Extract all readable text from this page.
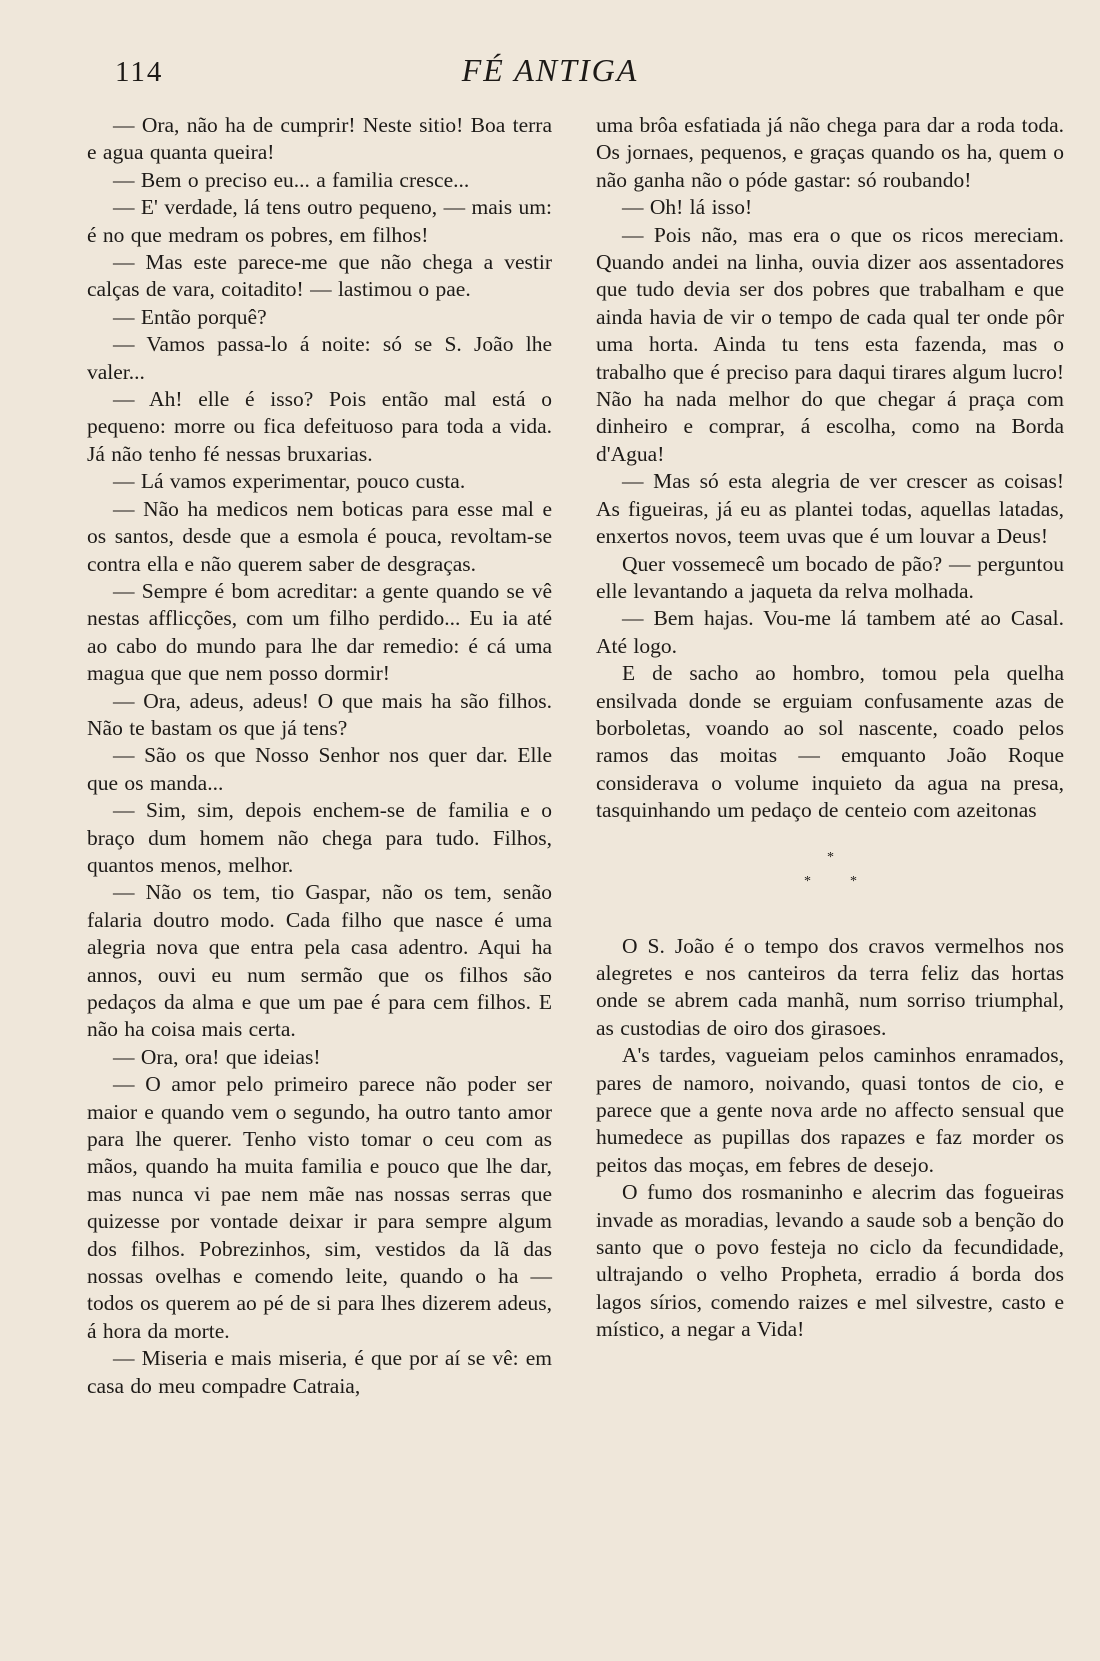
114	FÉ ANTIGA

— Ora, não ha de cumprir! Neste sitio! Boa terra e agua quanta queira!

— Bem o preciso eu... a familia cresce...

— E' verdade, lá tens outro pequeno, — mais um: é no que medram os pobres, em filhos!

— Mas este parece-me que não chega a vestir calças de vara, coitadito! — lastimou o pae.

— Então porquê?

— Vamos passa-lo á noite: só se S. João lhe valer...

— Ah! elle é isso? Pois então mal está o pequeno: morre ou fica defeituoso para toda a vida. Já não tenho fé nessas bruxarias.

— Lá vamos experimentar, pouco custa.

— Não ha medicos nem boticas para esse mal e os santos, desde que a esmola é pouca, revoltam-se contra ella e não querem saber de desgraças.

— Sempre é bom acreditar: a gente quando se vê nestas afflicções, com um filho perdido... Eu ia até ao cabo do mundo para lhe dar remedio: é cá uma magua que que nem posso dormir!

— Ora, adeus, adeus! O que mais ha são filhos. Não te bastam os que já tens?

— São os que Nosso Senhor nos quer dar. Elle que os manda...

— Sim, sim, depois enchem-se de familia e o braço dum homem não chega para tudo. Filhos, quantos menos, melhor.

— Não os tem, tio Gaspar, não os tem, senão falaria doutro modo. Cada filho que nasce é uma alegria nova que entra pela casa adentro. Aqui ha annos, ouvi eu num sermão que os filhos são pedaços da alma e que um pae é para cem filhos. E não ha coisa mais certa.

— Ora, ora! que ideias!

— O amor pelo primeiro parece não poder ser maior e quando vem o segundo, ha outro tanto amor para lhe querer. Tenho visto tomar o ceu com as mãos, quando ha muita familia e pouco que lhe dar, mas nunca vi pae nem mãe nas nossas serras que quizesse por vontade deixar ir para sempre algum dos filhos. Pobrezinhos, sim, vestidos da lã das nossas ovelhas e comendo leite, quando o ha — todos os querem ao pé de si para lhes dizerem adeus, á hora da morte.

— Miseria e mais miseria, é que por aí se vê: em casa do meu compadre Catraia,

uma brôa esfatiada já não chega para dar a roda toda. Os jornaes, pequenos, e graças quando os ha, quem o não ganha não o póde gastar: só roubando!

— Oh! lá isso!

— Pois não, mas era o que os ricos mereciam. Quando andei na linha, ouvia dizer aos assentadores que tudo devia ser dos pobres que trabalham e que ainda havia de vir o tempo de cada qual ter onde pôr uma horta. Ainda tu tens esta fazenda, mas o trabalho que é preciso para daqui tirares algum lucro! Não ha nada melhor do que chegar á praça com dinheiro e comprar, á escolha, como na Borda d'Agua!

— Mas só esta alegria de ver crescer as coisas! As figueiras, já eu as plantei todas, aquellas latadas, enxertos novos, teem uvas que é um louvar a Deus!

Quer vossemecê um bocado de pão? — perguntou elle levantando a jaqueta da relva molhada.

— Bem hajas. Vou-me lá tambem até ao Casal. Até logo.

E de sacho ao hombro, tomou pela quelha ensilvada donde se erguiam confusamente azas de borboletas, voando ao sol nascente, coado pelos ramos das moitas — emquanto João Roque considerava o volume inquieto da agua na presa, tasquinhando um pedaço de centeio com azeitonas

*
*	*

O S. João é o tempo dos cravos vermelhos nos alegretes e nos canteiros da terra feliz das hortas onde se abrem cada manhã, num sorriso triumphal, as custodias de oiro dos girasoes.

A's tardes, vagueiam pelos caminhos enramados, pares de namoro, noivando, quasi tontos de cio, e parece que a gente nova arde no affecto sensual que humedece as pupillas dos rapazes e faz morder os peitos das moças, em febres de desejo.

O fumo dos rosmaninho e alecrim das fogueiras invade as moradias, levando a saude sob a benção do santo que o povo festeja no ciclo da fecundidade, ultrajando o velho Propheta, erradio á borda dos lagos sírios, comendo raizes e mel silvestre, casto e místico, a negar a Vida!
